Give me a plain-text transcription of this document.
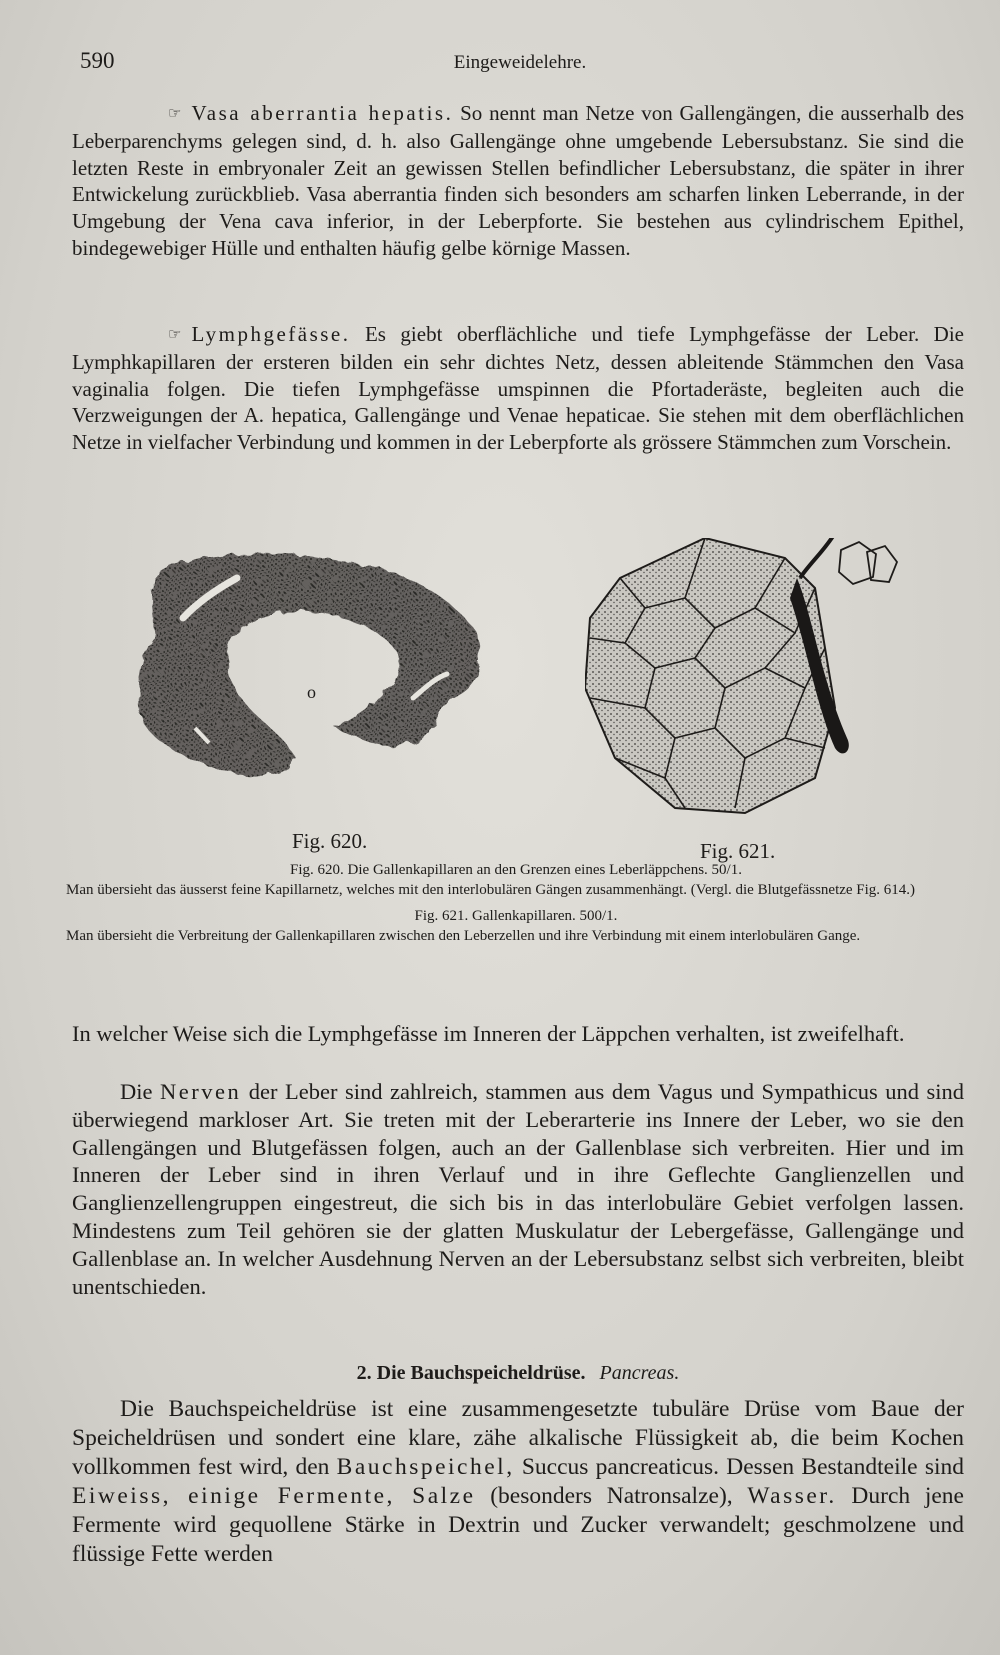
590	Eingeweidelehre.

☞ Vasa aberrantia hepatis. So nennt man Netze von Gallengängen, die ausserhalb des Leberparenchyms gelegen sind, d. h. also Gallengänge ohne umgebende Lebersubstanz. Sie sind die letzten Reste in embryonaler Zeit an gewissen Stellen befindlicher Lebersubstanz, die später in ihrer Entwickelung zurückblieb. Vasa aberrantia finden sich besonders am scharfen linken Leberrande, in der Umgebung der Vena cava inferior, in der Leberpforte. Sie bestehen aus cylindrischem Epithel, bindegewebiger Hülle und enthalten häufig gelbe körnige Massen.

☞ Lymphgefässe. Es giebt oberflächliche und tiefe Lymphgefässe der Leber. Die Lymphkapillaren der ersteren bilden ein sehr dichtes Netz, dessen ableitende Stämmchen den Vasa vaginalia folgen. Die tiefen Lymphgefässe umspinnen die Pfortaderäste, begleiten auch die Verzweigungen der A. hepatica, Gallengänge und Venae hepaticae. Sie stehen mit dem oberflächlichen Netze in vielfacher Verbindung und kommen in der Leberpforte als grössere Stämmchen zum Vorschein.

o
Fig. 620.	Fig. 621.
Fig. 620. Die Gallenkapillaren an den Grenzen eines Leberläppchens. 50/1.
Man übersieht das äusserst feine Kapillarnetz, welches mit den interlobulären Gängen zusammenhängt. (Vergl. die Blutgefässnetze Fig. 614.)
Fig. 621. Gallenkapillaren. 500/1.
Man übersieht die Verbreitung der Gallenkapillaren zwischen den Leberzellen und ihre Verbindung mit einem interlobulären Gange.

In welcher Weise sich die Lymphgefässe im Inneren der Läppchen verhalten, ist zweifelhaft.

Die Nerven der Leber sind zahlreich, stammen aus dem Vagus und Sympathicus und sind überwiegend markloser Art. Sie treten mit der Leberarterie ins Innere der Leber, wo sie den Gallengängen und Blutgefässen folgen, auch an der Gallenblase sich verbreiten. Hier und im Inneren der Leber sind in ihren Verlauf und in ihre Geflechte Ganglienzellen und Ganglienzellengruppen eingestreut, die sich bis in das interlobuläre Gebiet verfolgen lassen. Mindestens zum Teil gehören sie der glatten Muskulatur der Lebergefässe, Gallengänge und Gallenblase an. In welcher Ausdehnung Nerven an der Lebersubstanz selbst sich verbreiten, bleibt unentschieden.

2. Die Bauchspeicheldrüse. Pancreas.

Die Bauchspeicheldrüse ist eine zusammengesetzte tubuläre Drüse vom Baue der Speicheldrüsen und sondert eine klare, zähe alkalische Flüssigkeit ab, die beim Kochen vollkommen fest wird, den Bauchspeichel, Succus pancreaticus. Dessen Bestandteile sind Eiweiss, einige Fermente, Salze (besonders Natronsalze), Wasser. Durch jene Fermente wird gequollene Stärke in Dextrin und Zucker verwandelt; geschmolzene und flüssige Fette werden
